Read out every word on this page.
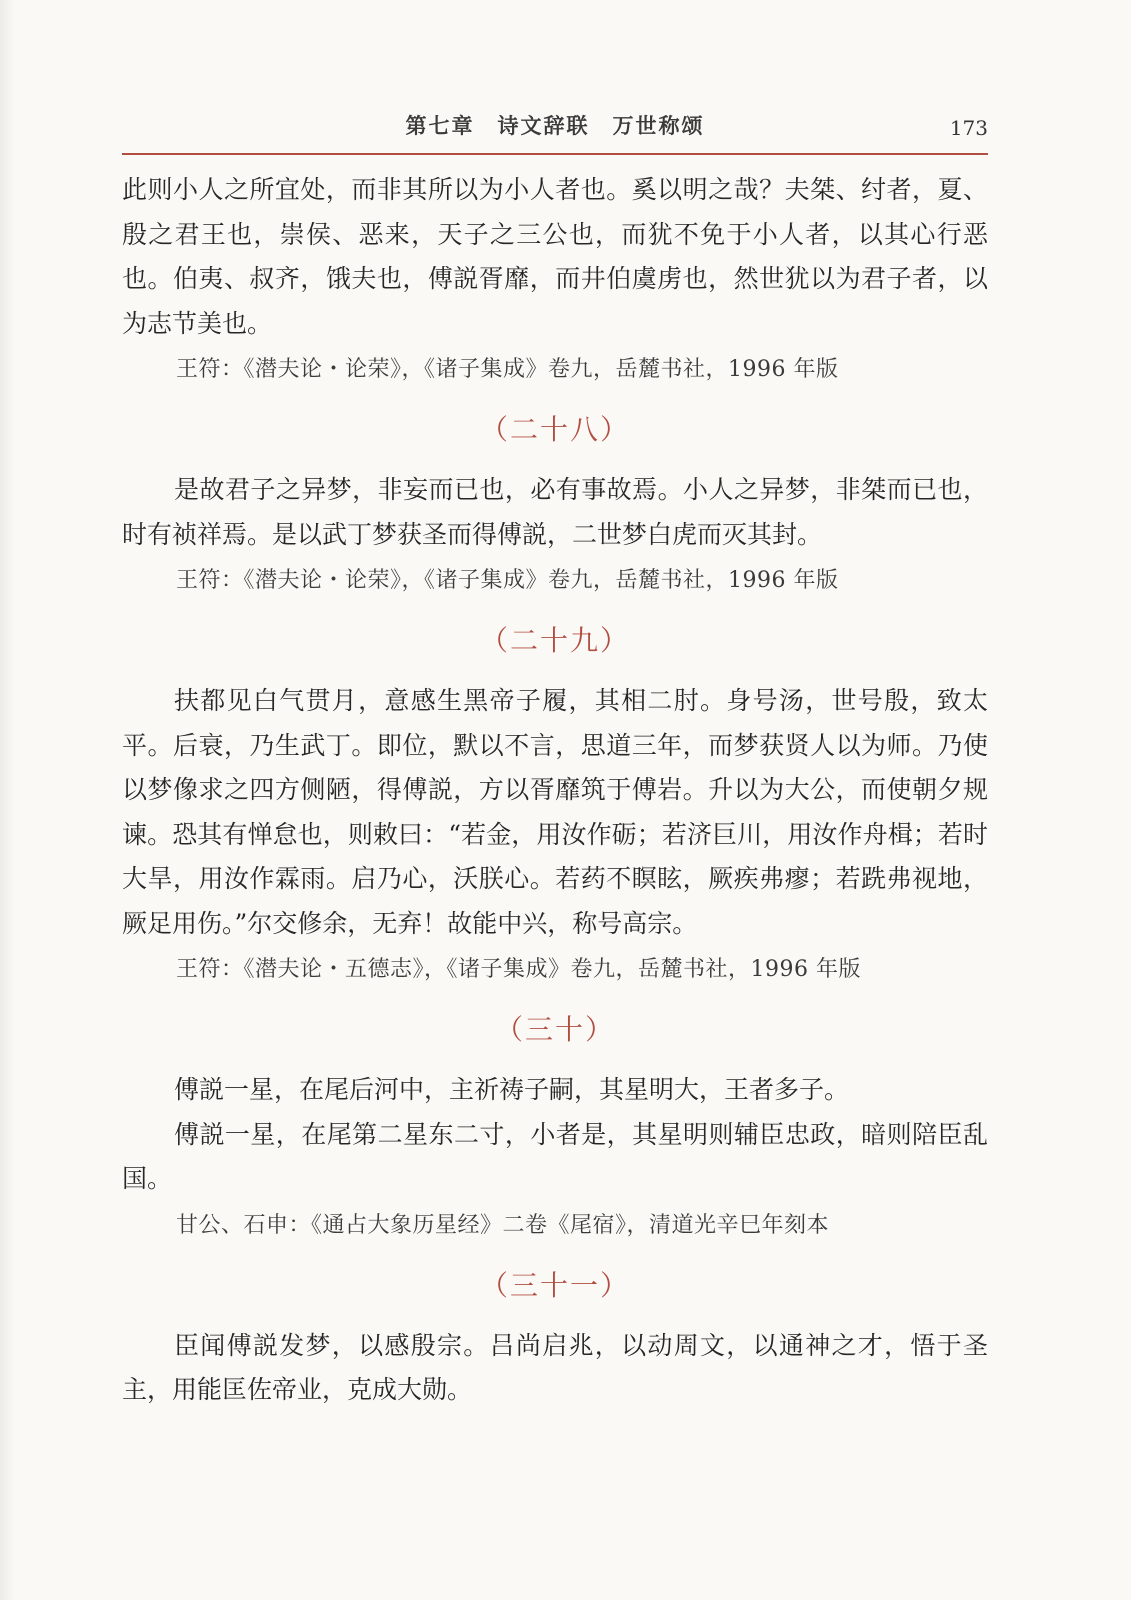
第七章　诗文辞联　万世称颂	173

此则小人之所宜处，而非其所以为小人者也。奚以明之哉？夫桀、纣者，夏、殷之君王也，崇侯、恶来，天子之三公也，而犹不免于小人者，以其心行恶也。伯夷、叔齐，饿夫也，傅説胥靡，而井伯虞虏也，然世犹以为君子者，以为志节美也。

王符：《潜夫论・论荣》，《诸子集成》卷九，岳麓书社，1996 年版

（二十八）

是故君子之异梦，非妄而已也，必有事故焉。小人之异梦，非桀而已也，时有祯祥焉。是以武丁梦获圣而得傅説，二世梦白虎而灭其封。

王符：《潜夫论・论荣》，《诸子集成》卷九，岳麓书社，1996 年版

（二十九）

扶都见白气贯月，意感生黑帝子履，其相二肘。身号汤，世号殷，致太平。后衰，乃生武丁。即位，默以不言，思道三年，而梦获贤人以为师。乃使以梦像求之四方侧陋，得傅説，方以胥靡筑于傅岩。升以为大公，而使朝夕规谏。恐其有惮怠也，则敕曰：“若金，用汝作砺；若济巨川，用汝作舟楫；若时大旱，用汝作霖雨。启乃心，沃朕心。若药不瞑眩，厥疾弗瘳；若跣弗视地，厥足用伤。”尔交修余，无弃！故能中兴，称号高宗。

王符：《潜夫论・五德志》，《诸子集成》卷九，岳麓书社，1996 年版

（三十）

傅説一星，在尾后河中，主祈祷子嗣，其星明大，王者多子。

傅説一星，在尾第二星东二寸，小者是，其星明则辅臣忠政，暗则陪臣乱国。

甘公、石申：《通占大象历星经》二卷《尾宿》，清道光辛巳年刻本

（三十一）

臣闻傅説发梦，以感殷宗。吕尚启兆，以动周文，以通神之才，悟于圣主，用能匡佐帝业，克成大勋。
